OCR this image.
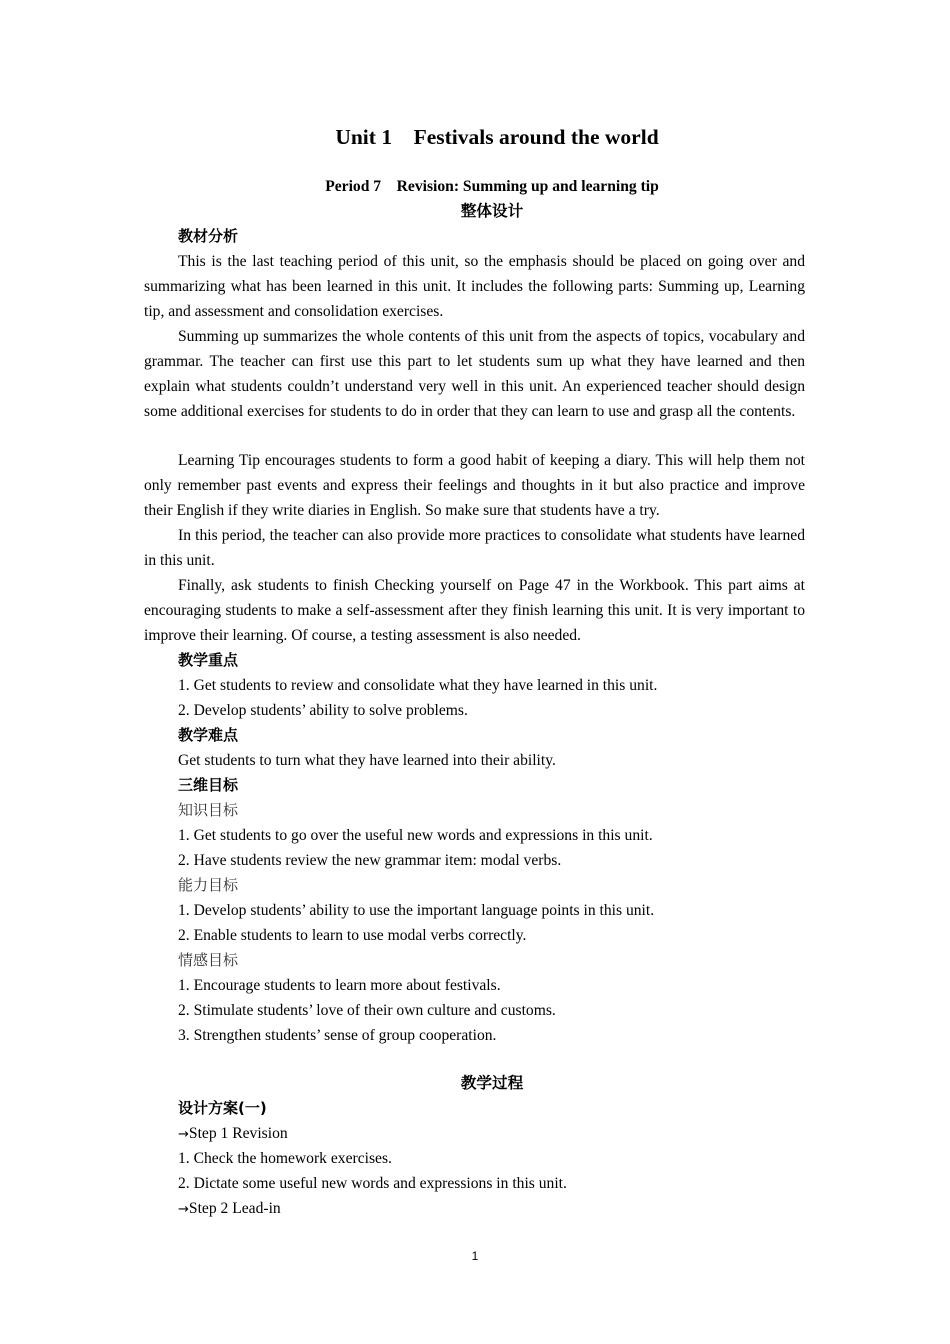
Unit 1　Festivals around the world
Period 7　Revision: Summing up and learning tip
整体设计
教材分析

This is the last teaching period of this unit, so the emphasis should be placed on going over and summarizing what has been learned in this unit. It includes the following parts: Summing up, Learning tip, and assessment and consolidation exercises.

Summing up summarizes the whole contents of this unit from the aspects of topics, vocabulary and grammar. The teacher can first use this part to let students sum up what they have learned and then explain what students couldn’t understand very well in this unit. An experienced teacher should design some additional exercises for students to do in order that they can learn to use and grasp all the contents.

Learning Tip encourages students to form a good habit of keeping a diary. This will help them not only remember past events and express their feelings and thoughts in it but also practice and improve their English if they write diaries in English. So make sure that students have a try.

In this period, the teacher can also provide more practices to consolidate what students have learned in this unit.

Finally, ask students to finish Checking yourself on Page 47 in the Workbook. This part aims at encouraging students to make a self-assessment after they finish learning this unit. It is very important to improve their learning. Of course, a testing assessment is also needed.

教学重点
1. Get students to review and consolidate what they have learned in this unit.
2. Develop students’ ability to solve problems.
教学难点
Get students to turn what they have learned into their ability.
三维目标
知识目标
1. Get students to go over the useful new words and expressions in this unit.
2. Have students review the new grammar item: modal verbs.
能力目标
1. Develop students’ ability to use the important language points in this unit.
2. Enable students to learn to use modal verbs correctly.
情感目标
1. Encourage students to learn more about festivals.
2. Stimulate students’ love of their own culture and customs.
3. Strengthen students’ sense of group cooperation.
教学过程
设计方案(一)
→Step 1 Revision
1. Check the homework exercises.
2. Dictate some useful new words and expressions in this unit.
→Step 2 Lead-in
1
